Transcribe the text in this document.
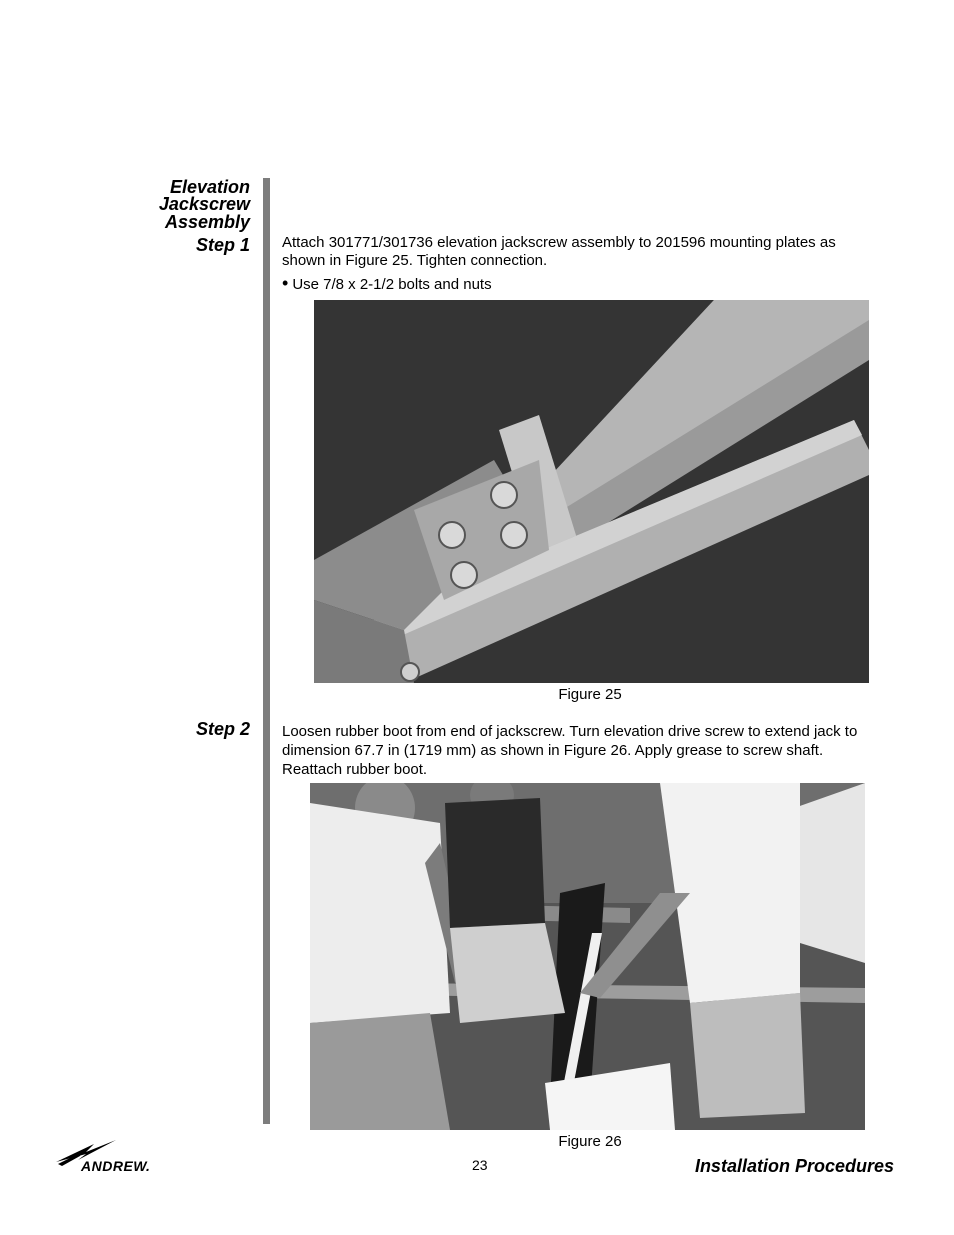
Elevation
Jackscrew
Assembly
Step 1
Step 2
Attach 301771/301736 elevation jackscrew assembly to 201596 mounting plates as
shown in Figure 25. Tighten connection.
• Use 7/8 x 2-1/2 bolts and nuts
Figure 25
Loosen rubber boot from end of jackscrew. Turn elevation drive screw to extend jack to
dimension 67.7 in (1719 mm) as shown in Figure 26. Apply grease to screw shaft.
Reattach rubber boot.
Figure 26
ANDREW.	23	Installation Procedures
